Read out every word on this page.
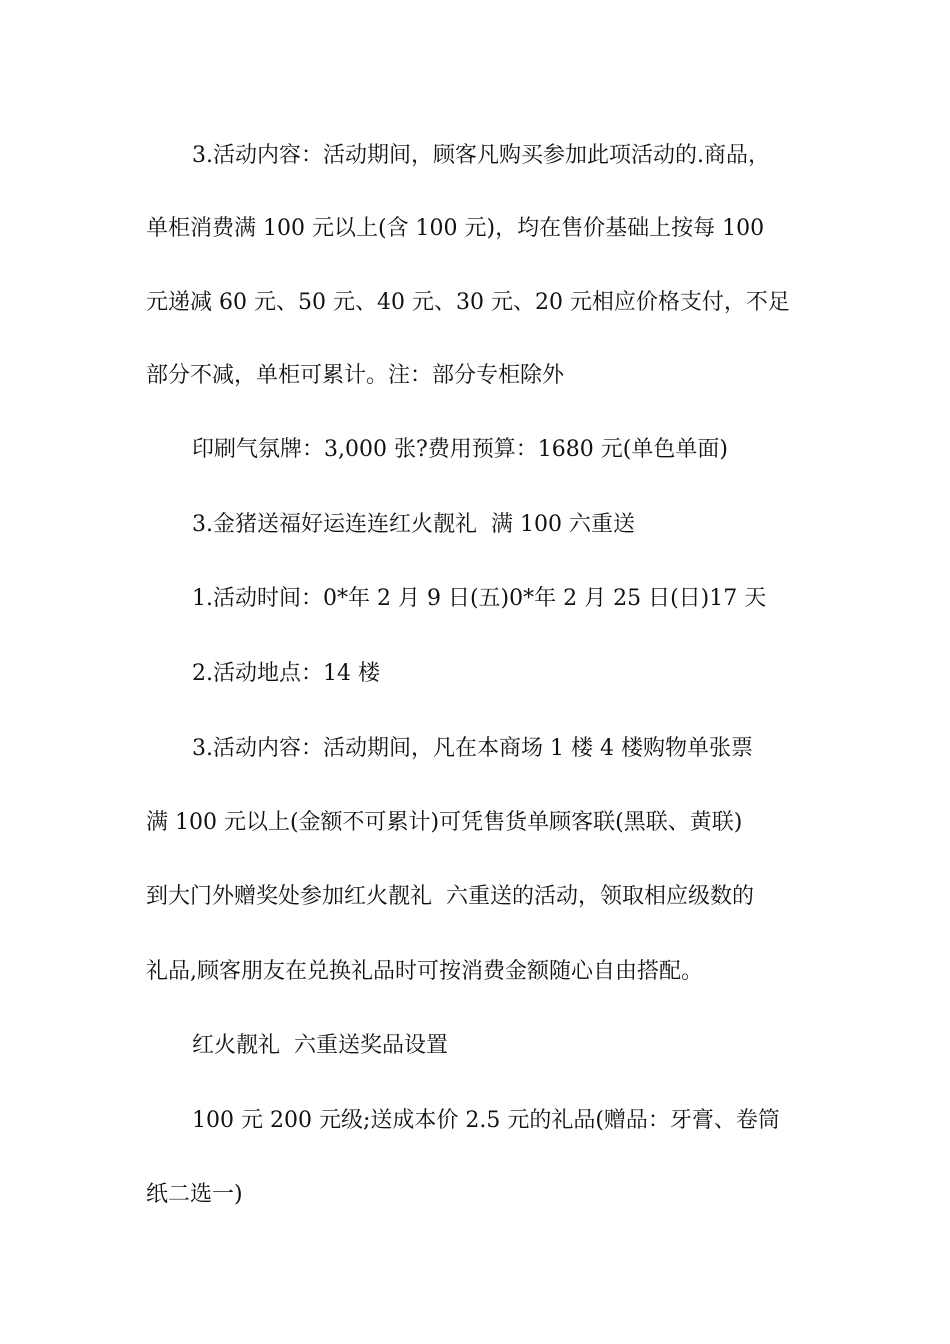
3.活动内容：活动期间，顾客凡购买参加此项活动的.商品，
单柜消费满 100 元以上(含 100 元)，均在售价基础上按每 100
元递减 60 元、50 元、40 元、30 元、20 元相应价格支付，不足
部分不减，单柜可累计。注：部分专柜除外
印刷气氛牌：3,000 张?费用预算：1680 元(单色单面)
3.金猪送福好运连连红火靓礼  满 100 六重送
1.活动时间：0*年 2 月 9 日(五)0*年 2 月 25 日(日)17 天
2.活动地点：14 楼
3.活动内容：活动期间，凡在本商场 1 楼 4 楼购物单张票
满 100 元以上(金额不可累计)可凭售货单顾客联(黑联、黄联)
到大门外赠奖处参加红火靓礼  六重送的活动，领取相应级数的
礼品,顾客朋友在兑换礼品时可按消费金额随心自由搭配。
红火靓礼  六重送奖品设置
100 元 200 元级;送成本价 2.5 元的礼品(赠品：牙膏、卷筒
纸二选一)
